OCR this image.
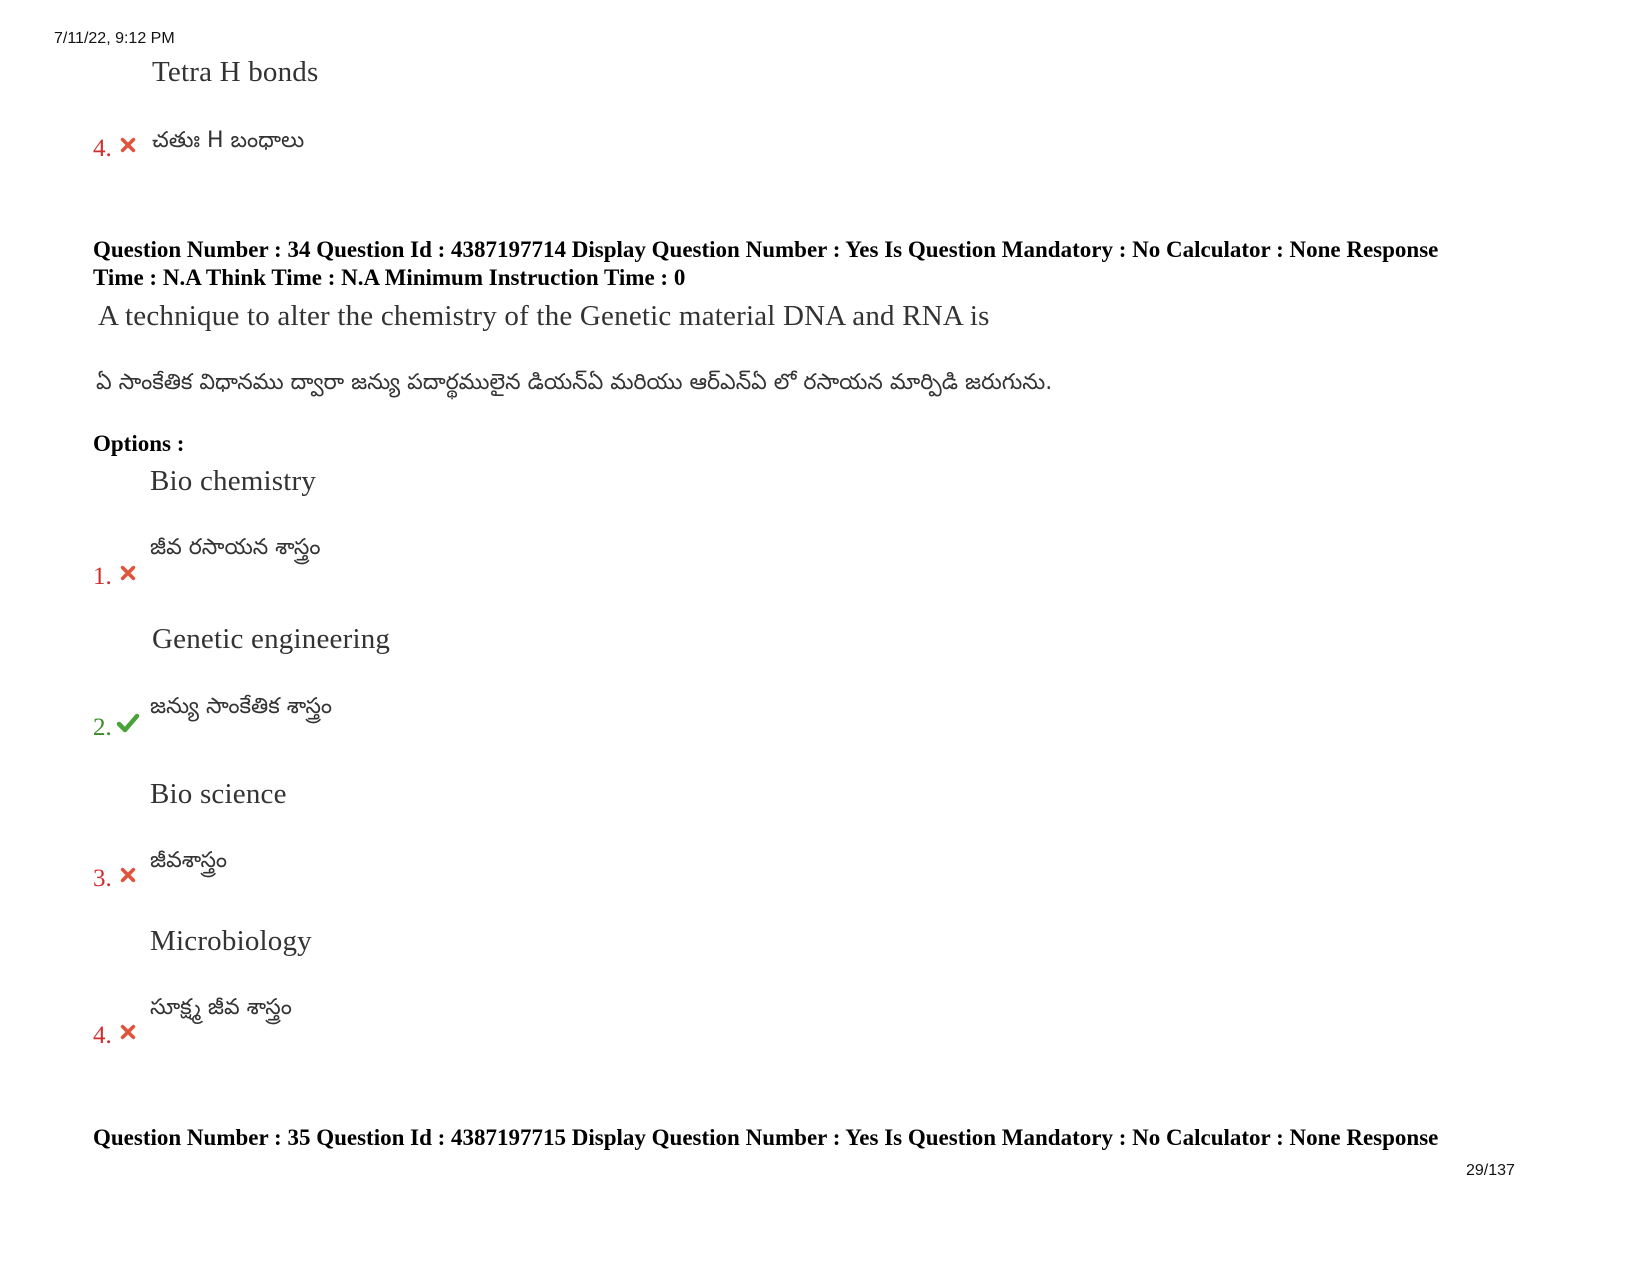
7/11/22, 9:12 PM
Tetra H bonds
4. చతుః H బంధాలు
Question Number : 34 Question Id : 4387197714 Display Question Number : Yes Is Question Mandatory : No Calculator : None Response
Time : N.A Think Time : N.A Minimum Instruction Time : 0
A technique to alter the chemistry of the Genetic material DNA and RNA is
ఏ సాంకేతిక విధానము ద్వారా జన్యు పదార్థములైన డియన్ఏ మరియు ఆర్ఎన్ఏ లో రసాయన మార్పిడి జరుగును.
Options :
Bio chemistry
జీవ రసాయన శాస్త్రం
1.
Genetic engineering
జన్యు సాంకేతిక శాస్త్రం
2.
Bio science
జీవశాస్త్రం
3.
Microbiology
సూక్ష్మ జీవ శాస్త్రం
4.
Question Number : 35 Question Id : 4387197715 Display Question Number : Yes Is Question Mandatory : No Calculator : None Response
29/137
